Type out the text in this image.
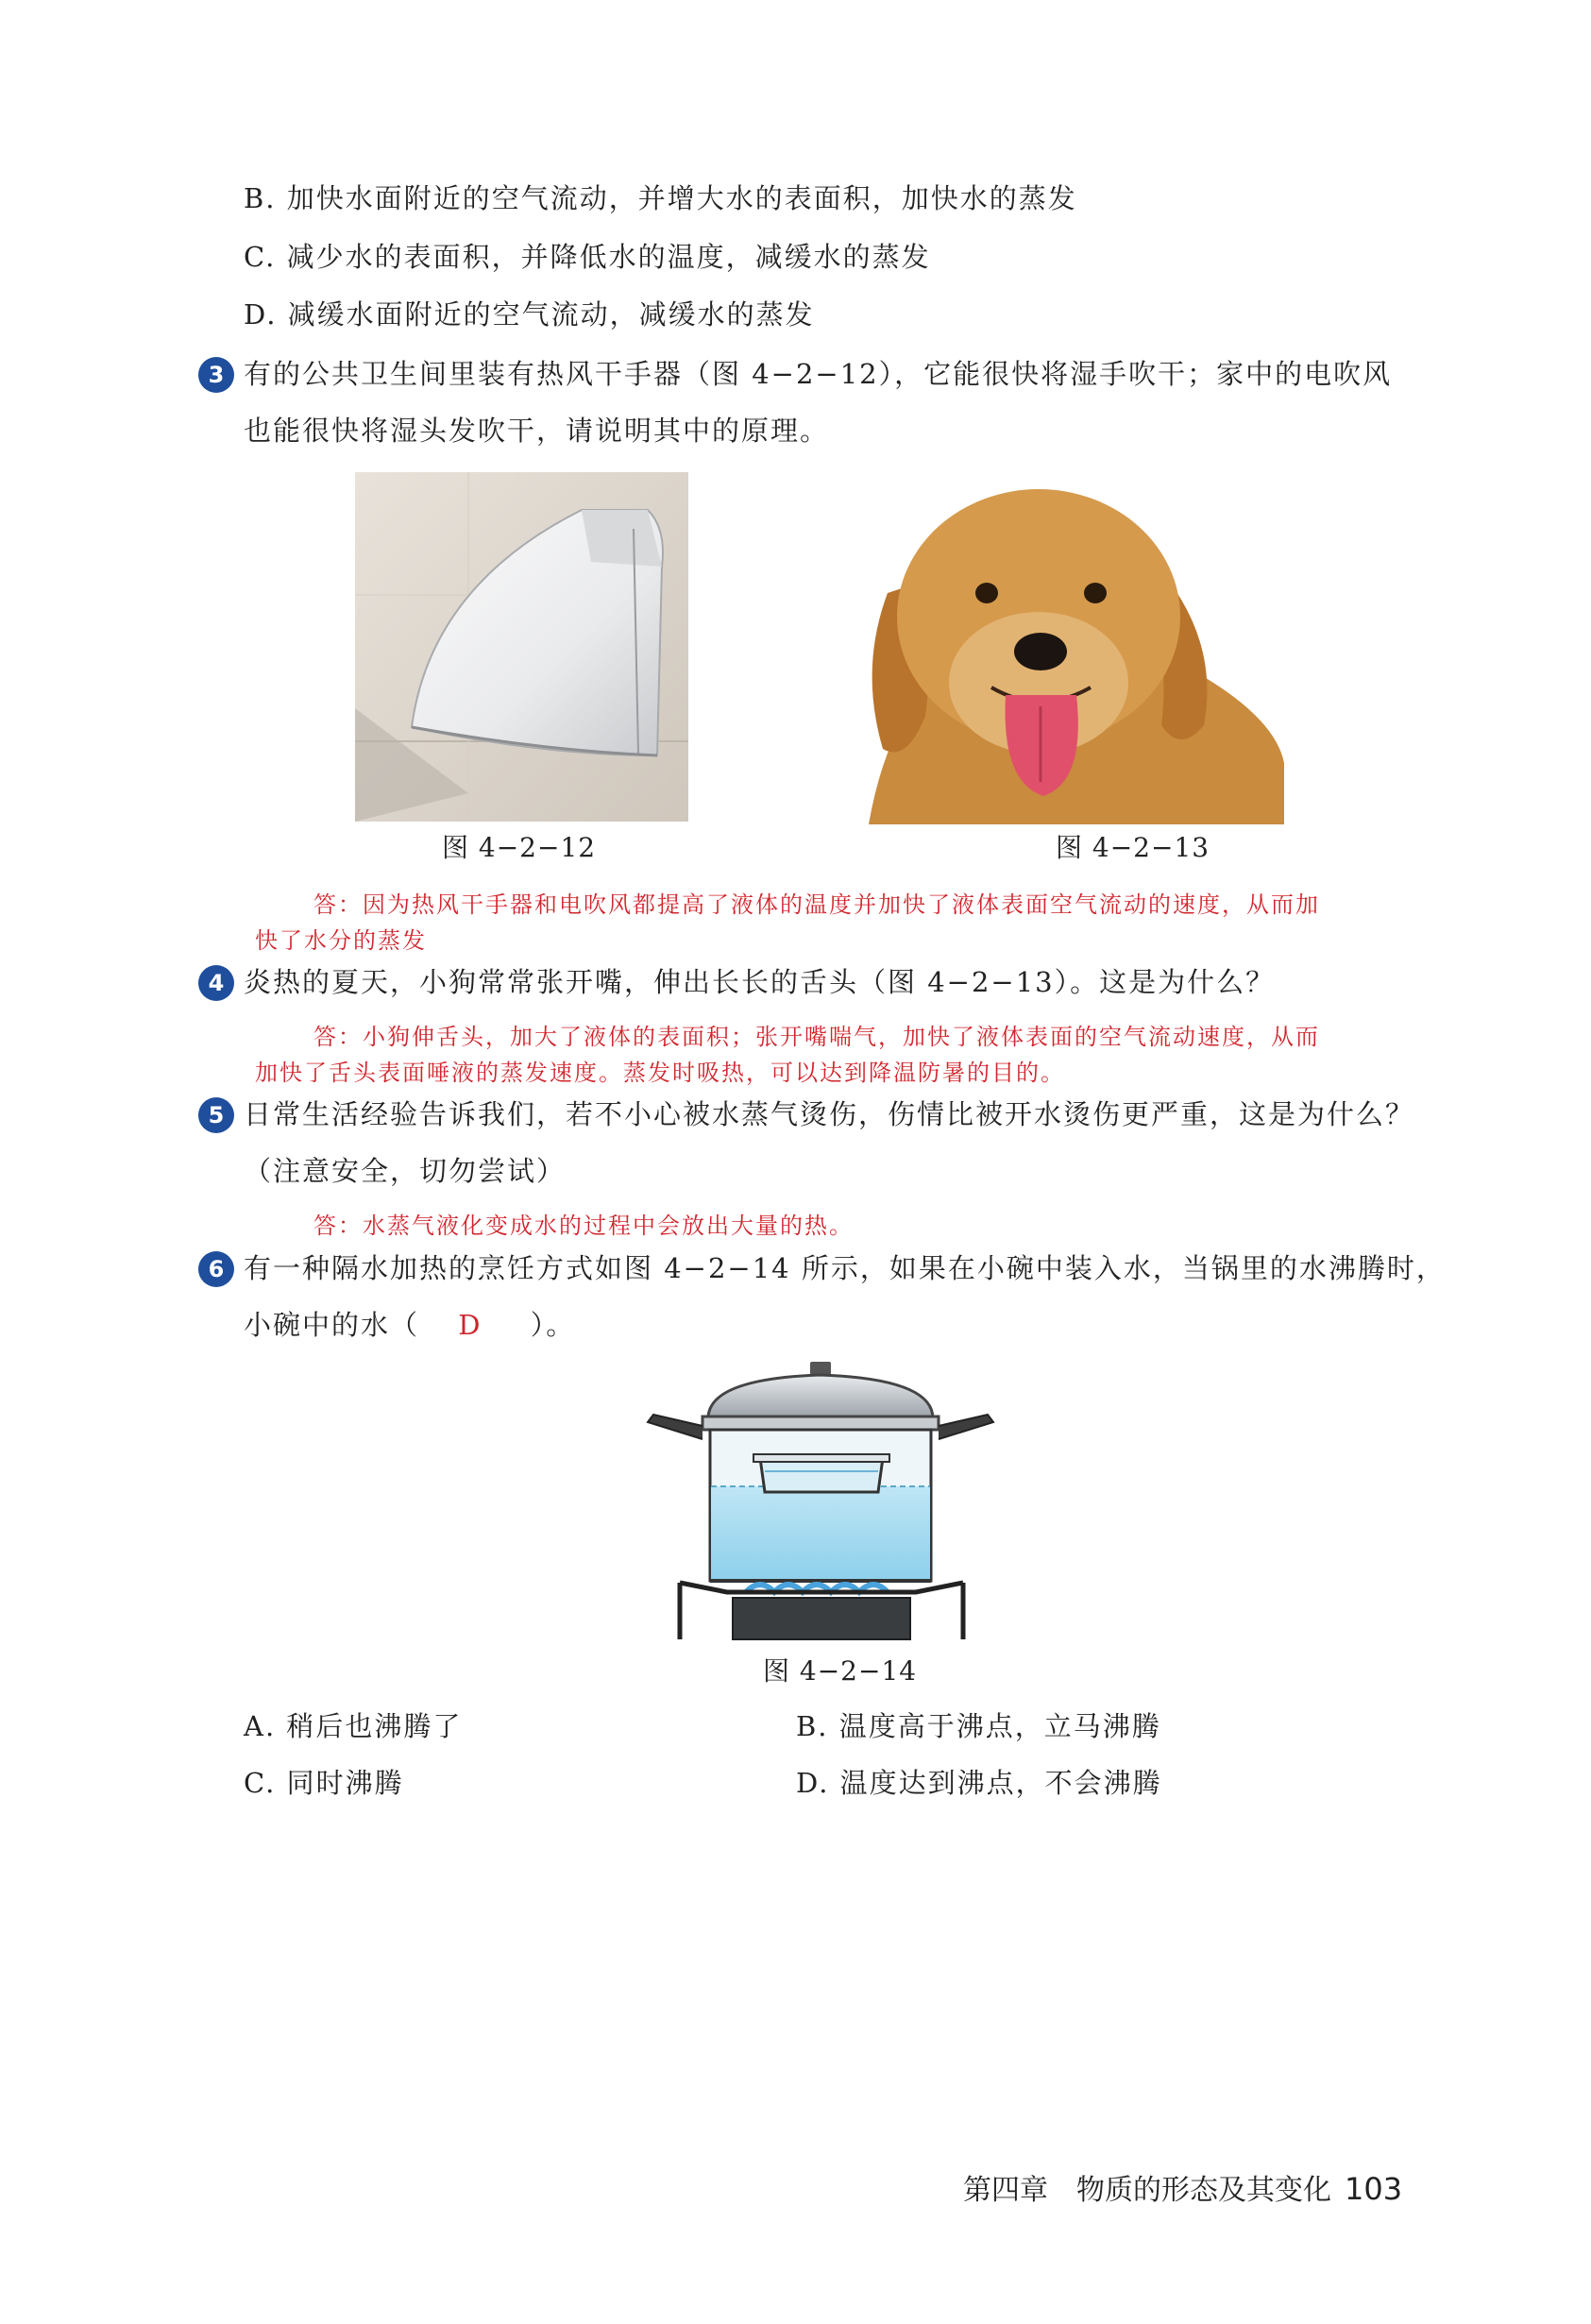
B. 加快水面附近的空气流动，并增大水的表面积，加快水的蒸发
C. 减少水的表面积，并降低水的温度，减缓水的蒸发
D. 减缓水面附近的空气流动，减缓水的蒸发
3 有的公共卫生间里装有热风干手器（图 4−2−12），它能很快将湿手吹干；家中的电吹风
也能很快将湿头发吹干，请说明其中的原理。
图 4−2−12	图 4−2−13
答：因为热风干手器和电吹风都提高了液体的温度并加快了液体表面空气流动的速度，从而加
快了水分的蒸发
4 炎热的夏天，小狗常常张开嘴，伸出长长的舌头（图 4−2−13）。这是为什么？
答：小狗伸舌头，加大了液体的表面积；张开嘴喘气，加快了液体表面的空气流动速度，从而
加快了舌头表面唾液的蒸发速度。蒸发时吸热，可以达到降温防暑的目的。
5 日常生活经验告诉我们，若不小心被水蒸气烫伤，伤情比被开水烫伤更严重，这是为什么？
（注意安全，切勿尝试）
答：水蒸气液化变成水的过程中会放出大量的热。
6 有一种隔水加热的烹饪方式如图 4−2−14 所示，如果在小碗中装入水，当锅里的水沸腾时，
小碗中的水（ D ）。
图 4−2−14
A. 稍后也沸腾了	B. 温度高于沸点，立马沸腾
C. 同时沸腾	D. 温度达到沸点，不会沸腾
第四章　物质的形态及其变化 103
